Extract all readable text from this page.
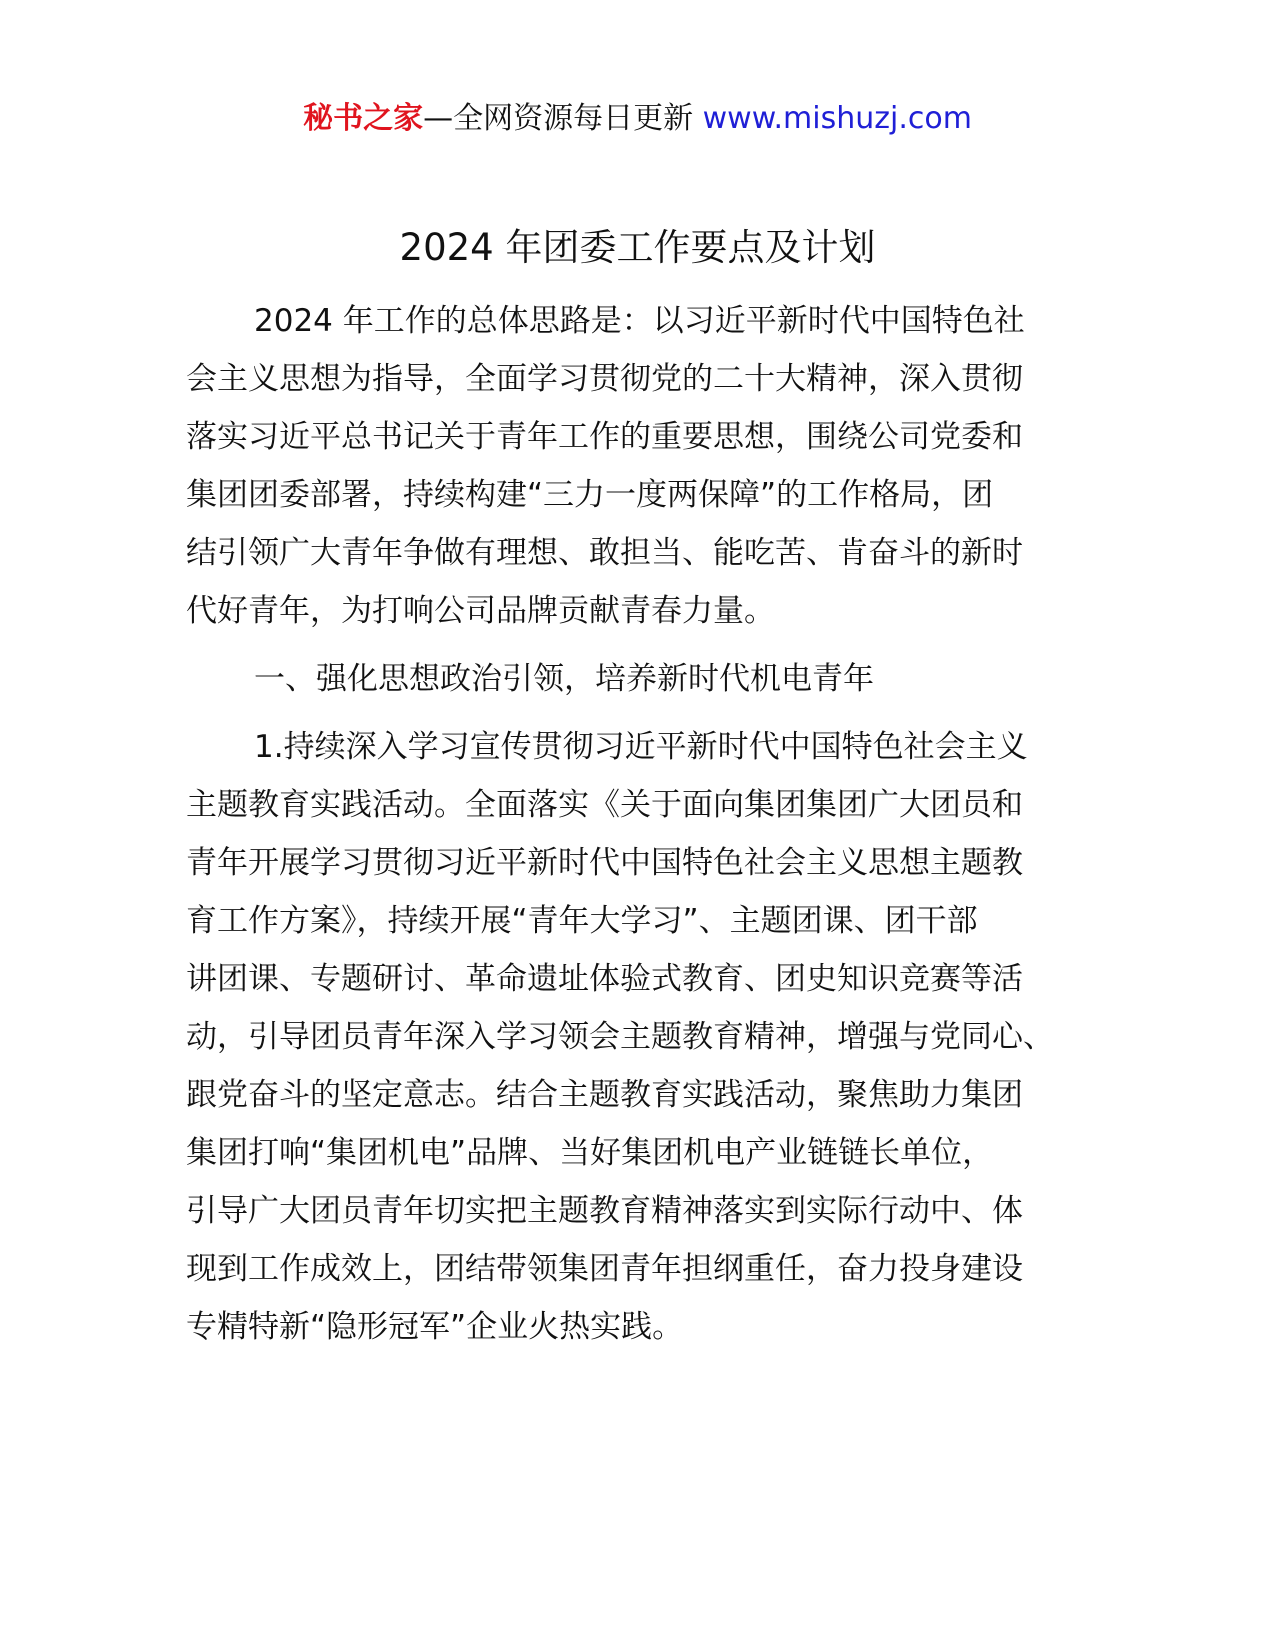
秘书之家—全网资源每日更新 www.mishuzj.com
2024 年团委工作要点及计划
2024 年工作的总体思路是：以习近平新时代中国特色社
会主义思想为指导，全面学习贯彻党的二十大精神，深入贯彻
落实习近平总书记关于青年工作的重要思想，围绕公司党委和
集团团委部署，持续构建“三力一度两保障”的工作格局，团
结引领广大青年争做有理想、敢担当、能吃苦、肯奋斗的新时
代好青年，为打响公司品牌贡献青春力量。
一、强化思想政治引领，培养新时代机电青年
1.持续深入学习宣传贯彻习近平新时代中国特色社会主义
主题教育实践活动。全面落实《关于面向集团集团广大团员和
青年开展学习贯彻习近平新时代中国特色社会主义思想主题教
育工作方案》，持续开展“青年大学习”、主题团课、团干部
讲团课、专题研讨、革命遗址体验式教育、团史知识竞赛等活
动，引导团员青年深入学习领会主题教育精神，增强与党同心、
跟党奋斗的坚定意志。结合主题教育实践活动，聚焦助力集团
集团打响“集团机电”品牌、当好集团机电产业链链长单位，
引导广大团员青年切实把主题教育精神落实到实际行动中、体
现到工作成效上，团结带领集团青年担纲重任，奋力投身建设
专精特新“隐形冠军”企业火热实践。
